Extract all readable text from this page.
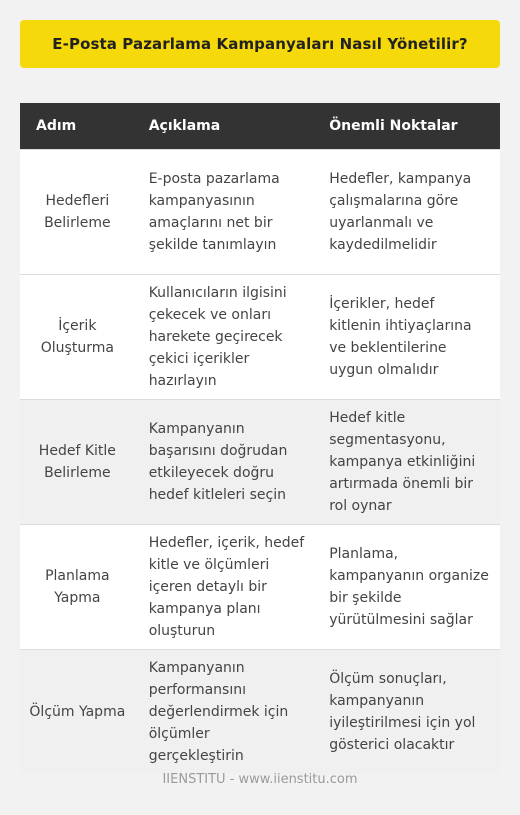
E-Posta Pazarlama Kampanyaları Nasıl Yönetilir?
Adım	Açıklama	Önemli Noktalar
Hedefleri Belirleme	E-posta pazarlama kampanyasının amaçlarını net bir şekilde tanımlayın	Hedefler, kampanya çalışmalarına göre uyarlanmalı ve kaydedilmelidir
İçerik Oluşturma	Kullanıcıların ilgisini çekecek ve onları harekete geçirecek çekici içerikler hazırlayın	İçerikler, hedef kitlenin ihtiyaçlarına ve beklentilerine uygun olmalıdır
Hedef Kitle Belirleme	Kampanyanın başarısını doğrudan etkileyecek doğru hedef kitleleri seçin	Hedef kitle segmentasyonu, kampanya etkinliğini artırmada önemli bir rol oynar
Planlama Yapma	Hedefler, içerik, hedef kitle ve ölçümleri içeren detaylı bir kampanya planı oluşturun	Planlama, kampanyanın organize bir şekilde yürütülmesini sağlar
Ölçüm Yapma	Kampanyanın performansını değerlendirmek için ölçümler gerçekleştirin	Ölçüm sonuçları, kampanyanın iyileştirilmesi için yol gösterici olacaktır
IIENSTITU - www.iienstitu.com
